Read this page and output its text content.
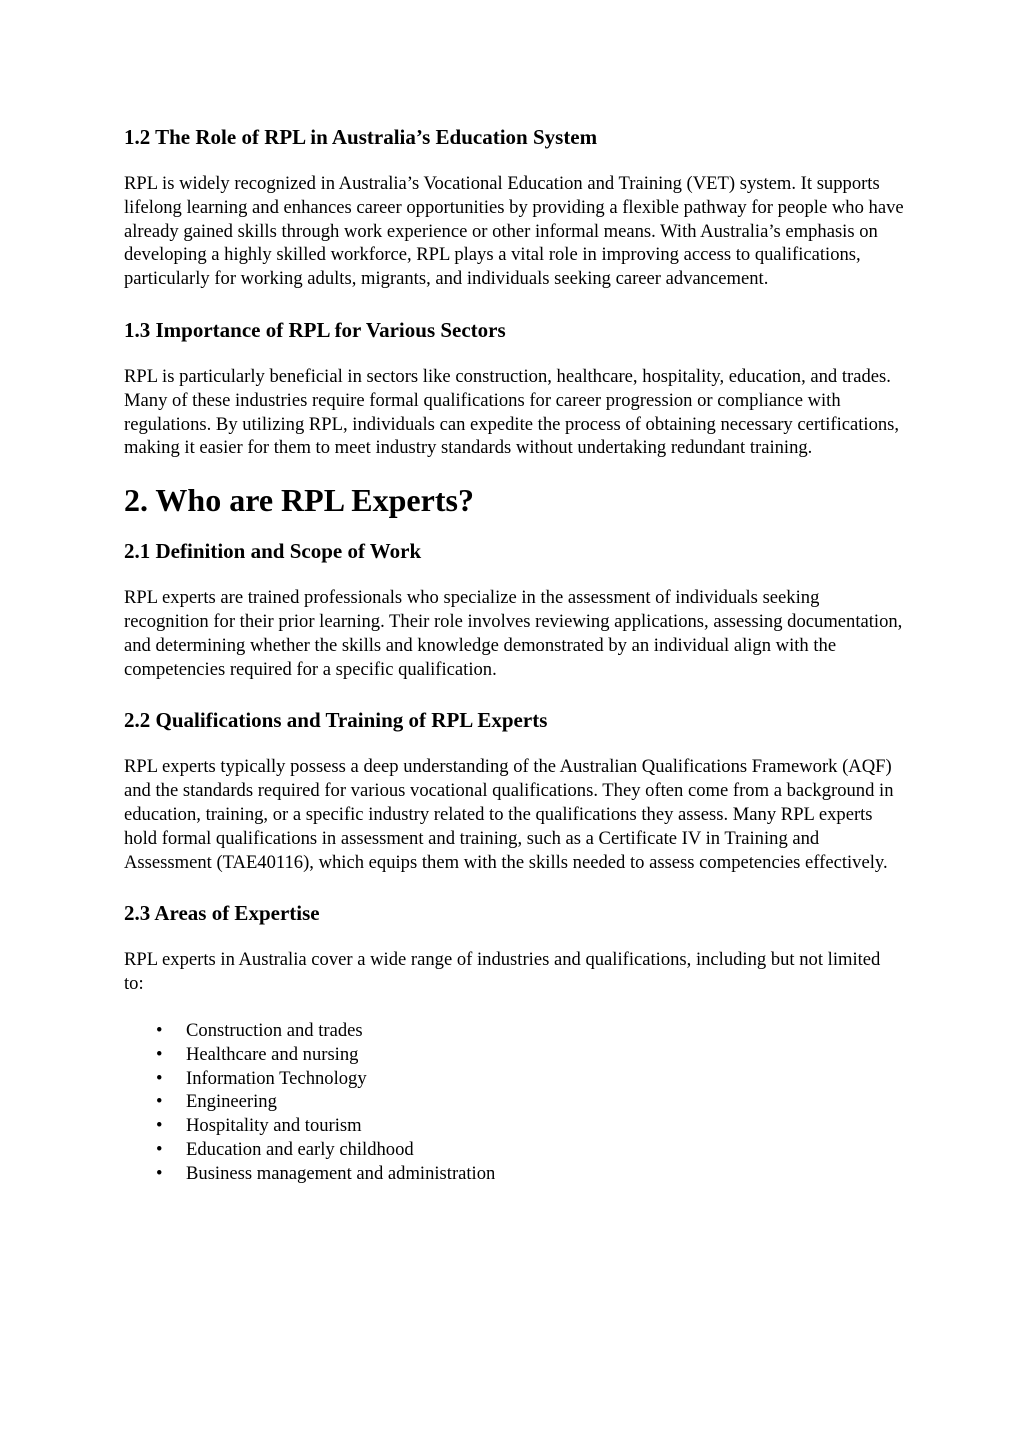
1.2 The Role of RPL in Australia’s Education System

RPL is widely recognized in Australia’s Vocational Education and Training (VET) system. It supports lifelong learning and enhances career opportunities by providing a flexible pathway for people who have already gained skills through work experience or other informal means. With Australia’s emphasis on developing a highly skilled workforce, RPL plays a vital role in improving access to qualifications, particularly for working adults, migrants, and individuals seeking career advancement.

1.3 Importance of RPL for Various Sectors

RPL is particularly beneficial in sectors like construction, healthcare, hospitality, education, and trades. Many of these industries require formal qualifications for career progression or compliance with regulations. By utilizing RPL, individuals can expedite the process of obtaining necessary certifications, making it easier for them to meet industry standards without undertaking redundant training.

2. Who are RPL Experts?
2.1 Definition and Scope of Work

RPL experts are trained professionals who specialize in the assessment of individuals seeking recognition for their prior learning. Their role involves reviewing applications, assessing documentation, and determining whether the skills and knowledge demonstrated by an individual align with the competencies required for a specific qualification.

2.2 Qualifications and Training of RPL Experts

RPL experts typically possess a deep understanding of the Australian Qualifications Framework (AQF) and the standards required for various vocational qualifications. They often come from a background in education, training, or a specific industry related to the qualifications they assess. Many RPL experts hold formal qualifications in assessment and training, such as a Certificate IV in Training and Assessment (TAE40116), which equips them with the skills needed to assess competencies effectively.

2.3 Areas of Expertise

RPL experts in Australia cover a wide range of industries and qualifications, including but not limited to:

• Construction and trades
• Healthcare and nursing
• Information Technology
• Engineering
• Hospitality and tourism
• Education and early childhood
• Business management and administration
